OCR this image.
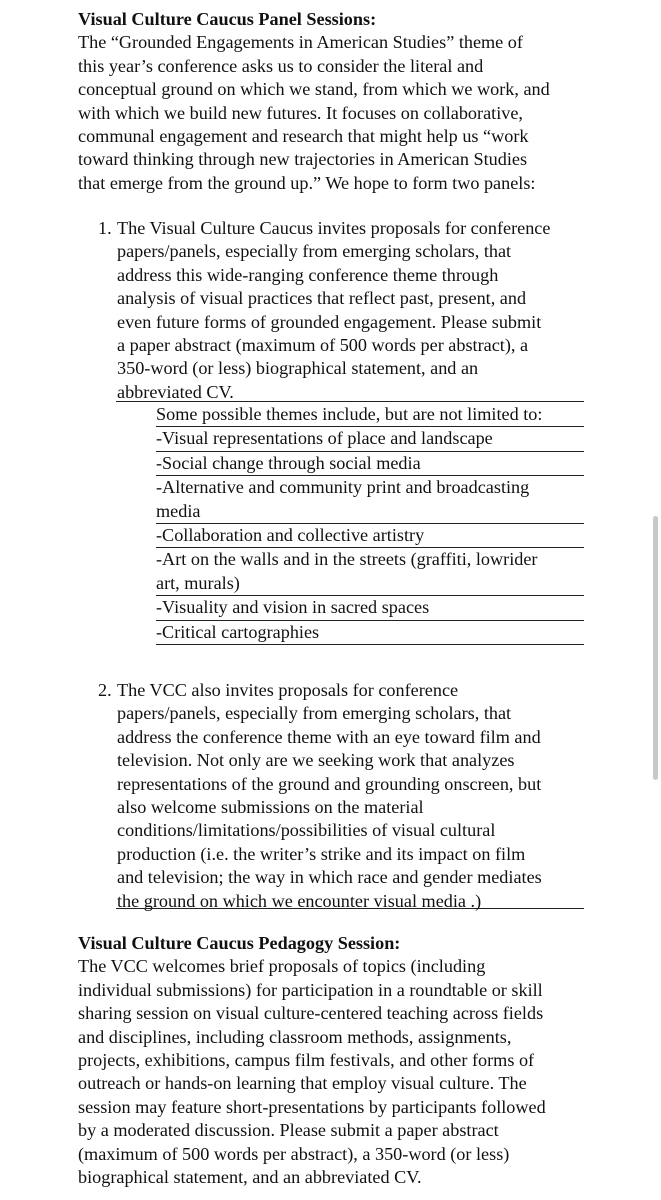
Visual Culture Caucus Panel Sessions:
The “Grounded Engagements in American Studies” theme of
this year’s conference asks us to consider the literal and
conceptual ground on which we stand, from which we work, and
with which we build new futures. It focuses on collaborative,
communal engagement and research that might help us “work
toward thinking through new trajectories in American Studies
that emerge from the ground up.” We hope to form two panels:
1. The Visual Culture Caucus invites proposals for conference
papers/panels, especially from emerging scholars, that
address this wide-ranging conference theme through
analysis of visual practices that reflect past, present, and
even future forms of grounded engagement. Please submit
a paper abstract (maximum of 500 words per abstract), a
350-word (or less) biographical statement, and an
abbreviated CV.
Some possible themes include, but are not limited to:
-Visual representations of place and landscape
-Social change through social media
-Alternative and community print and broadcasting
media
-Collaboration and collective artistry
-Art on the walls and in the streets (graffiti, lowrider
art, murals)
-Visuality and vision in sacred spaces
-Critical cartographies
2. The VCC also invites proposals for conference
papers/panels, especially from emerging scholars, that
address the conference theme with an eye toward film and
television. Not only are we seeking work that analyzes
representations of the ground and grounding onscreen, but
also welcome submissions on the material
conditions/limitations/possibilities of visual cultural
production (i.e. the writer’s strike and its impact on film
and television; the way in which race and gender mediates
the ground on which we encounter visual media .)
Visual Culture Caucus Pedagogy Session:
The VCC welcomes brief proposals of topics (including
individual submissions) for participation in a roundtable or skill
sharing session on visual culture-centered teaching across fields
and disciplines, including classroom methods, assignments,
projects, exhibitions, campus film festivals, and other forms of
outreach or hands-on learning that employ visual culture. The
session may feature short-presentations by participants followed
by a moderated discussion. Please submit a paper abstract
(maximum of 500 words per abstract), a 350-word (or less)
biographical statement, and an abbreviated CV.
